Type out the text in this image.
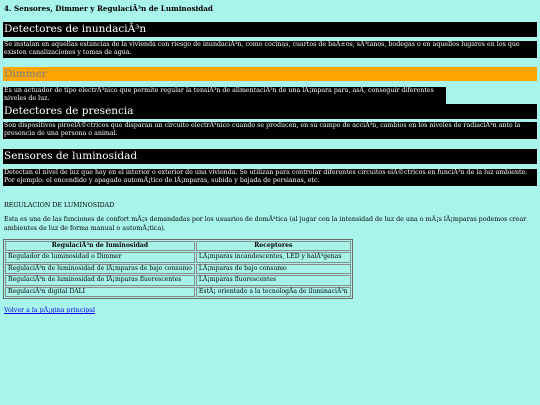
4. Sensores, Dimmer y RegulaciÃ³n de Luminosidad
Detectores de inundaciÃ³n
Se instalan en aquellas estancias de la vivienda con riesgo de inundaciÃ³n, como cocinas, cuartos de baÃ±os, sÃ³tanos, bodegas o en aquellos lugares en los que existen canalizaciones y tomas de agua.
Dimmer
Es un actuador de tipo electrÃ³nico que permite regular la tensiÃ³n de alimentaciÃ³n de una lÃ¡mpara para, asÃ, conseguir diferentes niveles de luz.
Detectores de presencia
Son dispositivos piroelÃ©ctricos que disparan un circuito electrÃ³nico cuando se producen, en su campo de acciÃ³n, cambios en los niveles de radiaciÃ³n ante la presencia de una persona o animal.
Sensores de luminosidad
Detectan el nivel de luz que hay en el interior o exterior de una vivienda. Se utilizan para controlar diferentes circuitos elÃ©ctricos en funciÃ³n de la luz ambiente. Por ejemplo: el encendido y apagado automÃ¡tico de lÃ¡mparas, subida y bajada de persianas, etc.
REGULACION DE LUMINOSIDAD
Esta es una de las funciones de confort mÃ¡s demandadas por los usuarios de domÃ³tica (al jugar con la intensidad de luz de una o mÃ¡s lÃ¡mparas podemos crear ambientes de luz de forma manual o automÃ¡tica).
RegulaciÃ³n de luminosidad	Receptores
Regulador de luminosidad o Dimmer	LÃ¡mparas incandescentes, LED y halÃ³genas
RegulaciÃ³n de luminosidad de lÃ¡mparas de bajo consumo	LÃ¡mparas de bajo consumo
RegulaciÃ³n de luminosidad de lÃ¡mparas fluorescentes	LÃ¡mparas fluorescentes
RegulaciÃ³n digital DALI	EstÃ¡ orientado a la tecnologÃa de iluminaciÃ³n
Volver a la pÃ¡gina principal
